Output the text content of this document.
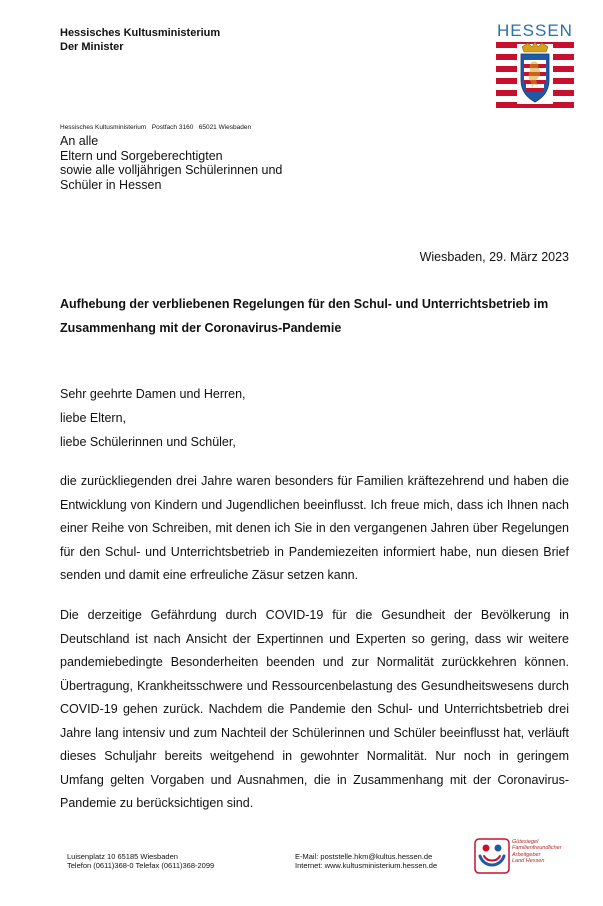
Hessisches Kultusministerium
Der Minister
HESSEN
Hessisches Kultusministerium   Postfach 3160   65021 Wiesbaden
An alle
Eltern und Sorgeberechtigten
sowie alle volljährigen Schülerinnen und
Schüler in Hessen
Wiesbaden, 29. März 2023
Aufhebung der verbliebenen Regelungen für den Schul- und Unterrichtsbetrieb im Zusammenhang mit der Coronavirus-Pandemie
Sehr geehrte Damen und Herren,
liebe Eltern,
liebe Schülerinnen und Schüler,
die zurückliegenden drei Jahre waren besonders für Familien kräftezehrend und haben die Entwicklung von Kindern und Jugendlichen beeinflusst. Ich freue mich, dass ich Ihnen nach einer Reihe von Schreiben, mit denen ich Sie in den vergangenen Jahren über Regelungen für den Schul- und Unterrichtsbetrieb in Pandemiezeiten informiert habe, nun diesen Brief senden und damit eine erfreuliche Zäsur setzen kann.
Die derzeitige Gefährdung durch COVID-19 für die Gesundheit der Bevölkerung in Deutschland ist nach Ansicht der Expertinnen und Experten so gering, dass wir weitere pandemiebedingte Besonderheiten beenden und zur Normalität zurückkehren können. Übertragung, Krankheitsschwere und Ressourcenbelastung des Gesundheitswesens durch COVID-19 gehen zurück. Nachdem die Pandemie den Schul- und Unterrichtsbetrieb drei Jahre lang intensiv und zum Nachteil der Schülerinnen und Schüler beeinflusst hat, verläuft dieses Schuljahr bereits weitgehend in gewohnter Normalität. Nur noch in geringem Umfang gelten Vorgaben und Ausnahmen, die in Zusammenhang mit der Coronavirus-Pandemie zu berücksichtigen sind.
Luisenplatz 10 65185 Wiesbaden
Telefon (0611)368-0 Telefax (0611)368-2099
E-Mail: poststelle.hkm@kultus.hessen.de
Internet: www.kultusministerium.hessen.de
Gütesiegel
Familienfreundlicher
Arbeitgeber
Land Hessen
